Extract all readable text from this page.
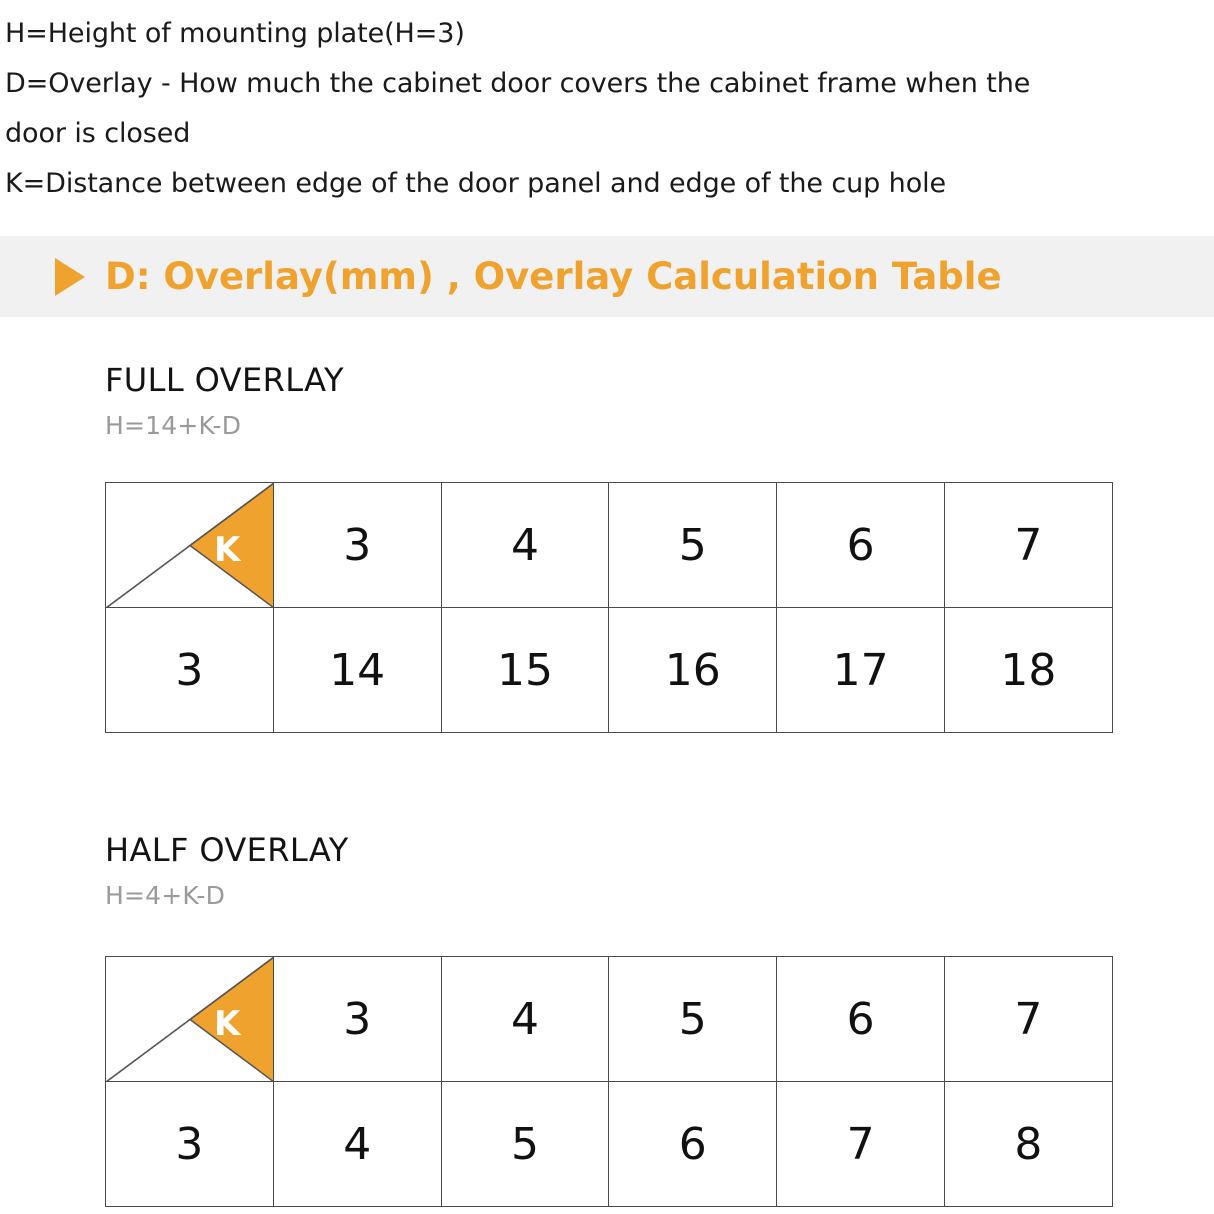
H=Height of mounting plate(H=3)
D=Overlay - How much the cabinet door covers the cabinet frame when the
door is closed
K=Distance between edge of the door panel and edge of the cup hole
D: Overlay(mm) , Overlay Calculation Table
FULL OVERLAY
H=14+K-D
D
K
H	3	4	5	6	7
3	14	15	16	17	18
HALF OVERLAY
H=4+K-D
D
K
H	3	4	5	6	7
3	4	5	6	7	8
